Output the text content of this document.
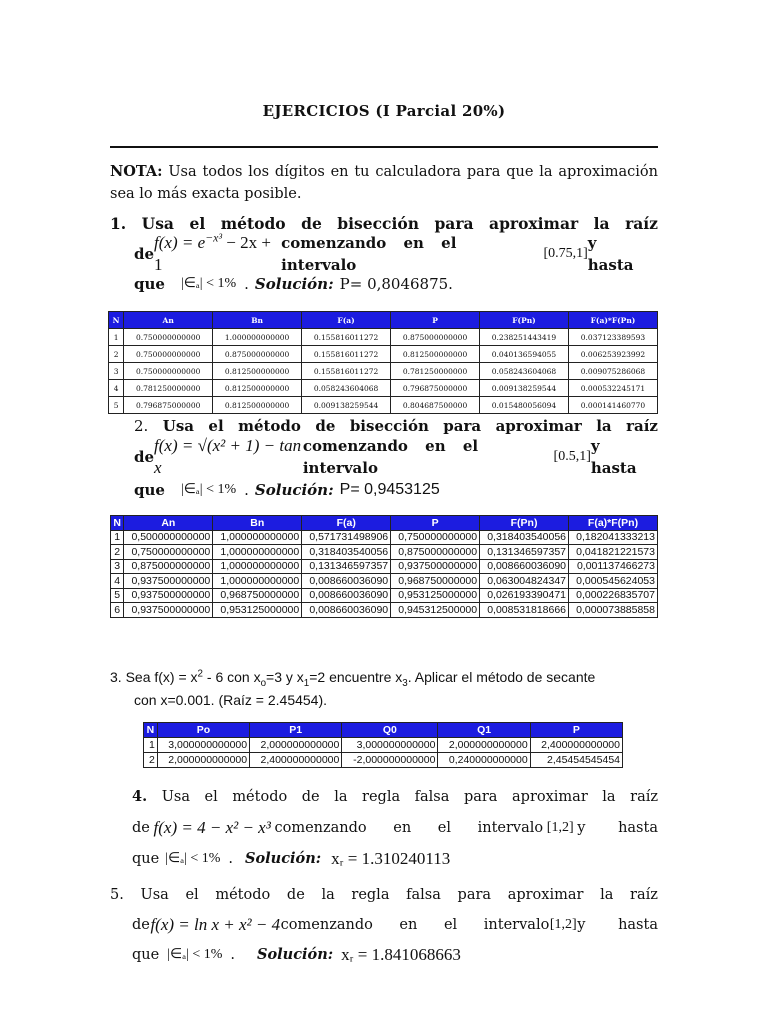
EJERCICIOS (I Parcial 20%)
NOTA: Usa todos los dígitos en tu calculadora para que la aproximación sea lo más exacta posible.
1. Usa el método de bisección para aproximar la raíz
de
$f(x) = e^{-x^3} - 2x + 1$
comenzando en el intervalo
[0.75,1]
y hasta
que |∈ₐ| < 1% . Solución: P= 0,8046875.
N	An	Bn	F(a)	P	F(Pn)	F(a)*F(Pn)
1	0.750000000000	1.000000000000	0.155816011272	0.875000000000	0.238251443419	0.037123389593
2	0.750000000000	0.875000000000	0.155816011272	0.812500000000	0.040136594055	0.006253923992
3	0.750000000000	0.812500000000	0.155816011272	0.781250000000	0.058243604068	0.009075286068
4	0.781250000000	0.812500000000	0.058243604068	0.796875000000	0.009138259544	0.000532245171
5	0.796875000000	0.812500000000	0.009138259544	0.804687500000	0.015480056094	0.000141460770
2. Usa el método de bisección para aproximar la raíz
de
f(x) = √(x² + 1) − tan x
comenzando en el intervalo
[0.5,1]
y hasta
que |∈ₐ| < 1% . Solución: P= 0,9453125
N	An	Bn	F(a)	P	F(Pn)	F(a)*F(Pn)
1	0,500000000000	1,000000000000	0,571731498906	0,750000000000	0,318403540056	0,182041333213
2	0,750000000000	1,000000000000	0,318403540056	0,875000000000	0,131346597357	0,041821221573
3	0,875000000000	1,000000000000	0,131346597357	0,937500000000	0,008660036090	0,001137466273
4	0,937500000000	1,000000000000	0,008660036090	0,968750000000	0,063004824347	0,000545624053
5	0,937500000000	0,968750000000	0,008660036090	0,953125000000	0,026193390471	0,000226835707
6	0,937500000000	0,953125000000	0,008660036090	0,945312500000	0,008531818666	0,000073885858
3. Sea $f(x) = x^2 - 6$ con $x_o=3$ y $x_1=2$ encuentre $x_3$. Aplicar el método de secante
con x=0.001. (Raíz = 2.45454).
N	Po	P1	Q0	Q1	P
1	3,000000000000	2,000000000000	3,000000000000	2,000000000000	2,400000000000
2	2,000000000000	2,400000000000	-2,000000000000	0,240000000000	2,45454545454
4. Usa el método de la regla falsa para aproximar la raíz
de f(x) = 4 − x² − x³ comenzando en el intervalo [1,2] y hasta
que |∈ₐ| < 1% . Solución: xᵣ = 1.310240113
5. Usa el método de la regla falsa para aproximar la raíz
de f(x) = ln x + x² − 4 comenzando en el intervalo [1,2] y hasta
que |∈ₐ| < 1% . Solución: xᵣ = 1.841068663
